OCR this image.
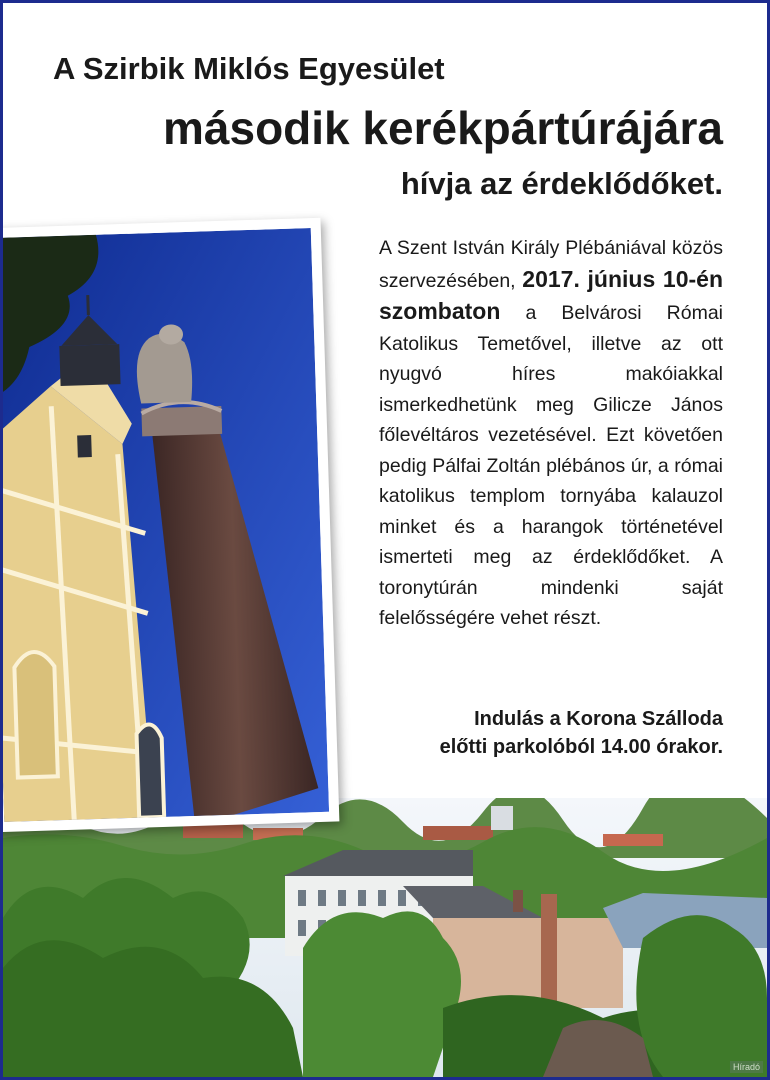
A Szirbik Miklós Egyesület
második kerékpártúrájára
hívja az érdeklődőket.
A Szent István Király Plébániával közös szervezésében, 2017. június 10-én szombaton a Belvárosi Római Katolikus Temetővel, illetve az ott nyugvó híres makóiakkal ismerkedhetünk meg Gilicze János főlevéltáros vezetésével. Ezt követően pedig Pálfai Zoltán plébános úr, a római katolikus templom tornyába kalauzol minket és a harangok történetével ismerteti meg az érdeklődőket. A toronytúrán mindenki saját felelősségére vehet részt.
Indulás a Korona Szálloda
előtti parkolóból 14.00 órakor.
Híradó
